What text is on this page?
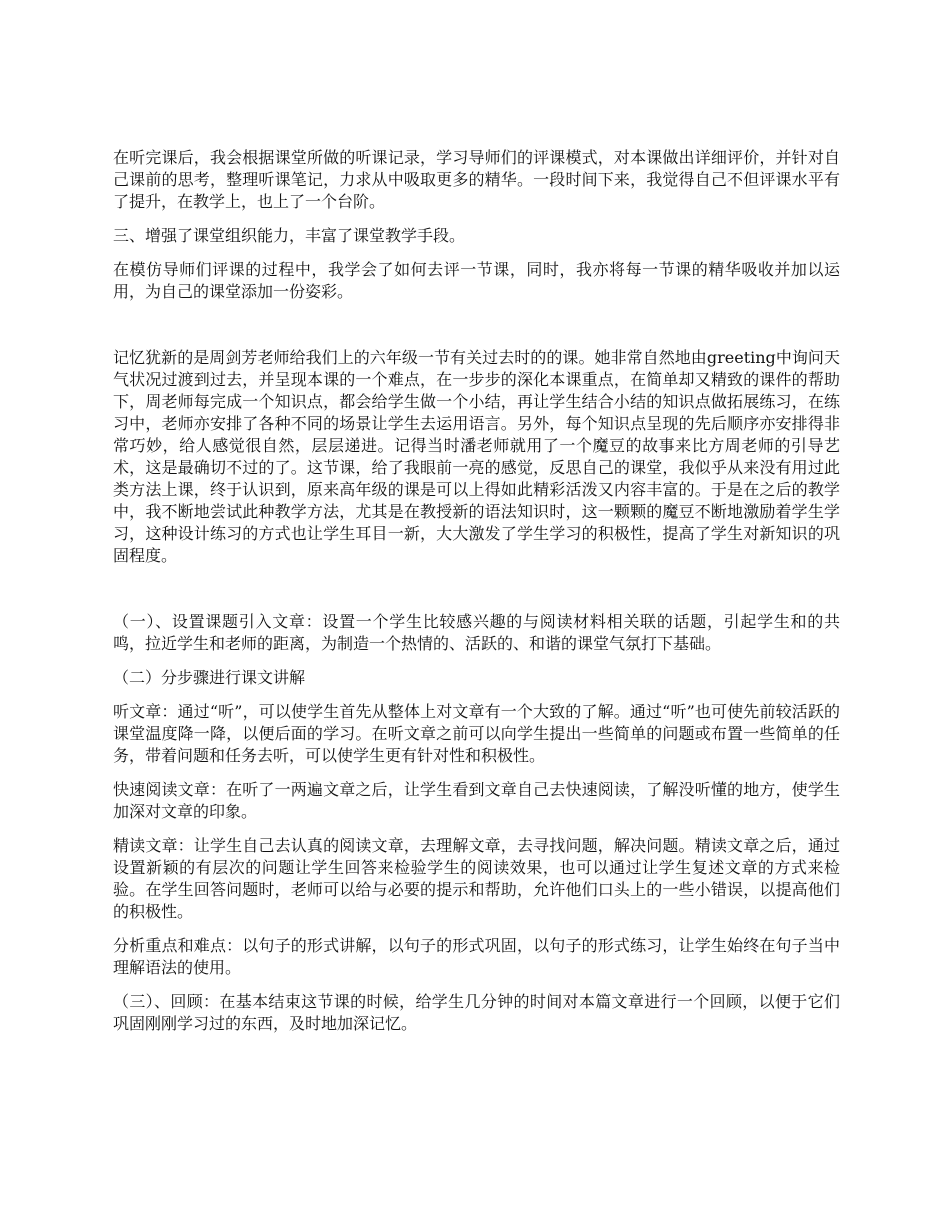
在听完课后，我会根据课堂所做的听课记录，学习导师们的评课模式，对本课做出详细评价，并针对自己课前的思考，整理听课笔记，力求从中吸取更多的精华。一段时间下来，我觉得自己不但评课水平有了提升，在教学上，也上了一个台阶。

三、增强了课堂组织能力，丰富了课堂教学手段。

在模仿导师们评课的过程中，我学会了如何去评一节课，同时，我亦将每一节课的精华吸收并加以运用，为自己的课堂添加一份姿彩。

记忆犹新的是周剑芳老师给我们上的六年级一节有关过去时的的课。她非常自然地由greeting中询问天气状况过渡到过去，并呈现本课的一个难点，在一步步的深化本课重点，在简单却又精致的课件的帮助下，周老师每完成一个知识点，都会给学生做一个小结，再让学生结合小结的知识点做拓展练习，在练习中，老师亦安排了各种不同的场景让学生去运用语言。另外，每个知识点呈现的先后顺序亦安排得非常巧妙，给人感觉很自然，层层递进。记得当时潘老师就用了一个魔豆的故事来比方周老师的引导艺术，这是最确切不过的了。这节课，给了我眼前一亮的感觉，反思自己的课堂，我似乎从来没有用过此类方法上课，终于认识到，原来高年级的课是可以上得如此精彩活泼又内容丰富的。于是在之后的教学中，我不断地尝试此种教学方法，尤其是在教授新的语法知识时，这一颗颗的魔豆不断地激励着学生学习，这种设计练习的方式也让学生耳目一新，大大激发了学生学习的积极性，提高了学生对新知识的巩固程度。

（一）、设置课题引入文章：设置一个学生比较感兴趣的与阅读材料相关联的话题，引起学生和的共鸣，拉近学生和老师的距离，为制造一个热情的、活跃的、和谐的课堂气氛打下基础。

（二）分步骤进行课文讲解

听文章：通过“听”，可以使学生首先从整体上对文章有一个大致的了解。通过“听”也可使先前较活跃的课堂温度降一降，以便后面的学习。在听文章之前可以向学生提出一些简单的问题或布置一些简单的任务，带着问题和任务去听，可以使学生更有针对性和积极性。

快速阅读文章：在听了一两遍文章之后，让学生看到文章自己去快速阅读，了解没听懂的地方，使学生加深对文章的印象。

精读文章：让学生自己去认真的阅读文章，去理解文章，去寻找问题，解决问题。精读文章之后，通过设置新颖的有层次的问题让学生回答来检验学生的阅读效果，也可以通过让学生复述文章的方式来检验。在学生回答问题时，老师可以给与必要的提示和帮助，允许他们口头上的一些小错误，以提高他们的积极性。

分析重点和难点：以句子的形式讲解，以句子的形式巩固，以句子的形式练习，让学生始终在句子当中理解语法的使用。

（三）、回顾：在基本结束这节课的时候，给学生几分钟的时间对本篇文章进行一个回顾，以便于它们巩固刚刚学习过的东西，及时地加深记忆。
